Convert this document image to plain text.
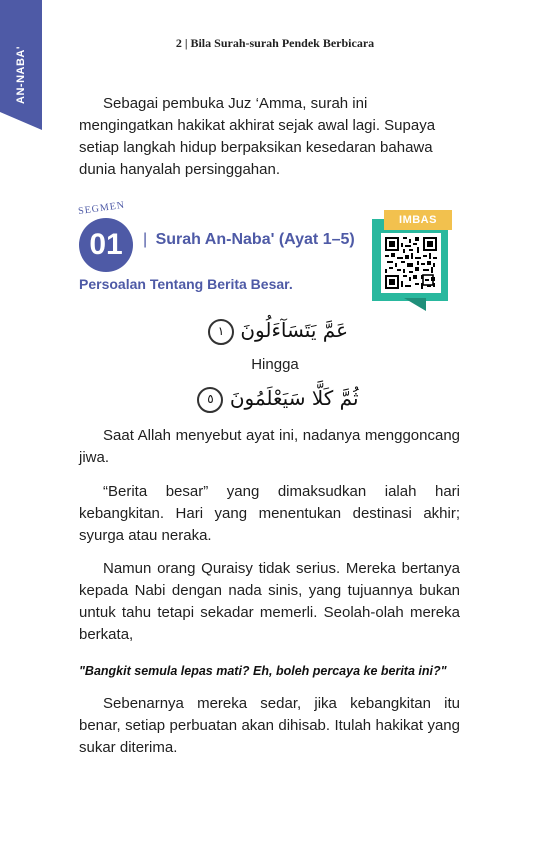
AN-NABA'
2 | Bila Surah-surah Pendek Berbicara

Sebagai pembuka Juz ‘Amma, surah ini mengingatkan hakikat akhirat sejak awal lagi. Supaya setiap langkah hidup berpaksikan kesedaran bahawa dunia hanyalah persinggahan.

SEGMEN
01 | Surah An-Naba' (Ayat 1–5)
Persoalan Tentang Berita Besar.
IMBAS
عَمَّ يَتَسَآءَلُونَ ١
Hingga
ثُمَّ كَلَّا سَيَعْلَمُونَ ٥

Saat Allah menyebut ayat ini, nadanya menggoncang jiwa.

“Berita besar” yang dimaksudkan ialah hari kebangkitan. Hari yang menentukan destinasi akhir; syurga atau neraka.

Namun orang Quraisy tidak serius. Mereka bertanya kepada Nabi dengan nada sinis, yang tujuannya bukan untuk tahu tetapi sekadar memerli. Seolah-olah mereka berkata,

"Bangkit semula lepas mati? Eh, boleh percaya ke berita ini?"

Sebenarnya mereka sedar, jika kebangkitan itu benar, setiap perbuatan akan dihisab. Itulah hakikat yang sukar diterima.
